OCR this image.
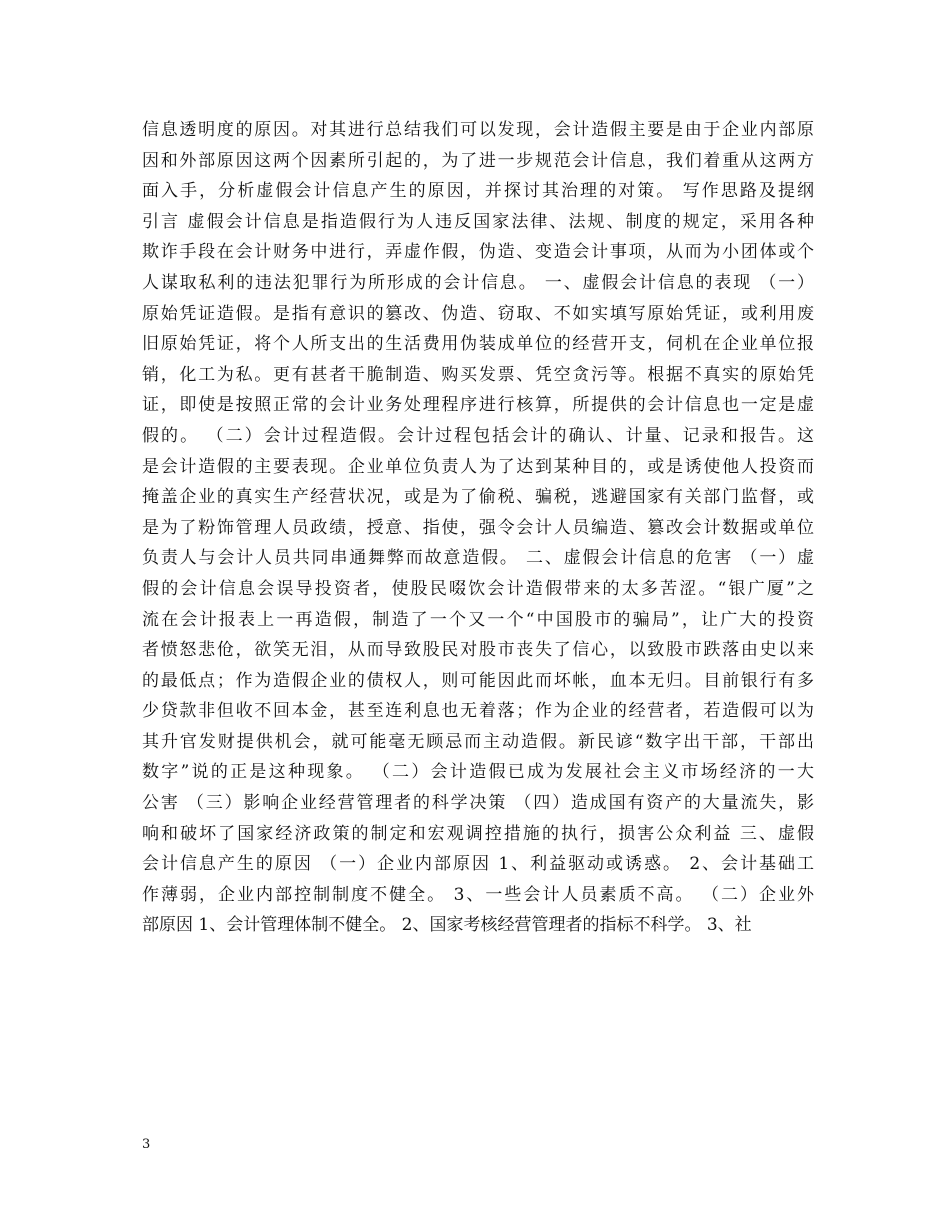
信息透明度的原因。对其进行总结我们可以发现，会计造假主要是由于企业内部原
因和外部原因这两个因素所引起的，为了进一步规范会计信息，我们着重从这两方
面入手，分析虚假会计信息产生的原因，并探讨其治理的对策。 写作思路及提纲
引言 虚假会计信息是指造假行为人违反国家法律、法规、制度的规定，采用各种
欺诈手段在会计财务中进行，弄虚作假，伪造、变造会计事项，从而为小团体或个
人谋取私利的违法犯罪行为所形成的会计信息。 一、虚假会计信息的表现 （一）
原始凭证造假。是指有意识的篡改、伪造、窃取、不如实填写原始凭证，或利用废
旧原始凭证，将个人所支出的生活费用伪装成单位的经营开支，伺机在企业单位报
销，化工为私。更有甚者干脆制造、购买发票、凭空贪污等。根据不真实的原始凭
证，即使是按照正常的会计业务处理程序进行核算，所提供的会计信息也一定是虚
假的。 （二）会计过程造假。会计过程包括会计的确认、计量、记录和报告。这
是会计造假的主要表现。企业单位负责人为了达到某种目的，或是诱使他人投资而
掩盖企业的真实生产经营状况，或是为了偷税、骗税，逃避国家有关部门监督，或
是为了粉饰管理人员政绩，授意、指使，强令会计人员编造、篡改会计数据或单位
负责人与会计人员共同串通舞弊而故意造假。 二、虚假会计信息的危害 （一）虚
假的会计信息会误导投资者，使股民啜饮会计造假带来的太多苦涩。“银广厦”之
流在会计报表上一再造假，制造了一个又一个“中国股市的骗局”，让广大的投资
者愤怒悲伧，欲笑无泪，从而导致股民对股市丧失了信心，以致股市跌落由史以来
的最低点；作为造假企业的债权人，则可能因此而坏帐，血本无归。目前银行有多
少贷款非但收不回本金，甚至连利息也无着落；作为企业的经营者，若造假可以为
其升官发财提供机会，就可能毫无顾忌而主动造假。新民谚“数字出干部，干部出
数字”说的正是这种现象。 （二）会计造假已成为发展社会主义市场经济的一大
公害 （三）影响企业经营管理者的科学决策 （四）造成国有资产的大量流失，影
响和破坏了国家经济政策的制定和宏观调控措施的执行，损害公众利益 三、虚假
会计信息产生的原因 （一）企业内部原因 1、利益驱动或诱惑。 2、会计基础工
作薄弱，企业内部控制制度不健全。 3、一些会计人员素质不高。 （二）企业外
部原因 1、会计管理体制不健全。 2、国家考核经营管理者的指标不科学。 3、社
3
